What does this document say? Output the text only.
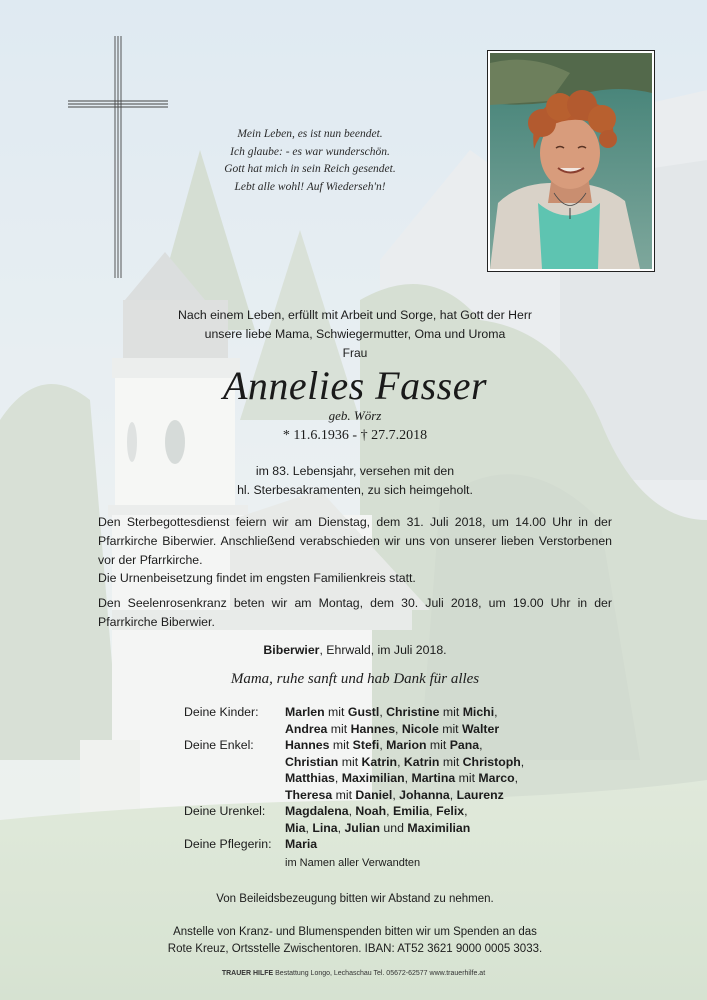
Mein Leben, es ist nun beendet.
Ich glaube: - es war wunderschön.
Gott hat mich in sein Reich gesendet.
Lebt alle wohl! Auf Wiederseh'n!
Nach einem Leben, erfüllt mit Arbeit und Sorge, hat Gott der Herr
unsere liebe Mama, Schwiegermutter, Oma und Uroma
Frau
Annelies Fasser
geb. Wörz
* 11.6.1936 - † 27.7.2018
im 83. Lebensjahr, versehen mit den
hl. Sterbesakramenten, zu sich heimgeholt.
Den Sterbegottesdienst feiern wir am Dienstag, dem 31. Juli 2018, um 14.00 Uhr in der Pfarrkirche Biberwier. Anschließend verabschieden wir uns von unserer lieben Verstorbenen vor der Pfarrkirche.
Die Urnenbeisetzung findet im engsten Familienkreis statt.
Den Seelenrosenkranz beten wir am Montag, dem 30. Juli 2018, um 19.00 Uhr in der Pfarrkirche Biberwier.
Biberwier, Ehrwald, im Juli 2018.
Mama, ruhe sanft und hab Dank für alles
Deine Kinder:
Deine Enkel:
Deine Urenkel:
Deine Pflegerin:
Marlen mit Gustl, Christine mit Michi,
Andrea mit Hannes, Nicole mit Walter
Hannes mit Stefi, Marion mit Pana,
Christian mit Katrin, Katrin mit Christoph,
Matthias, Maximilian, Martina mit Marco,
Theresa mit Daniel, Johanna, Laurenz
Magdalena, Noah, Emilia, Felix,
Mia, Lina, Julian und Maximilian
Maria
im Namen aller Verwandten
Von Beileidsbezeugung bitten wir Abstand zu nehmen.
Anstelle von Kranz- und Blumenspenden bitten wir um Spenden an das
Rote Kreuz, Ortsstelle Zwischentoren. IBAN: AT52 3621 9000 0005 3033.
TRAUER HILFE Bestattung Longo, Lechaschau Tel. 05672-62577 www.trauerhilfe.at
